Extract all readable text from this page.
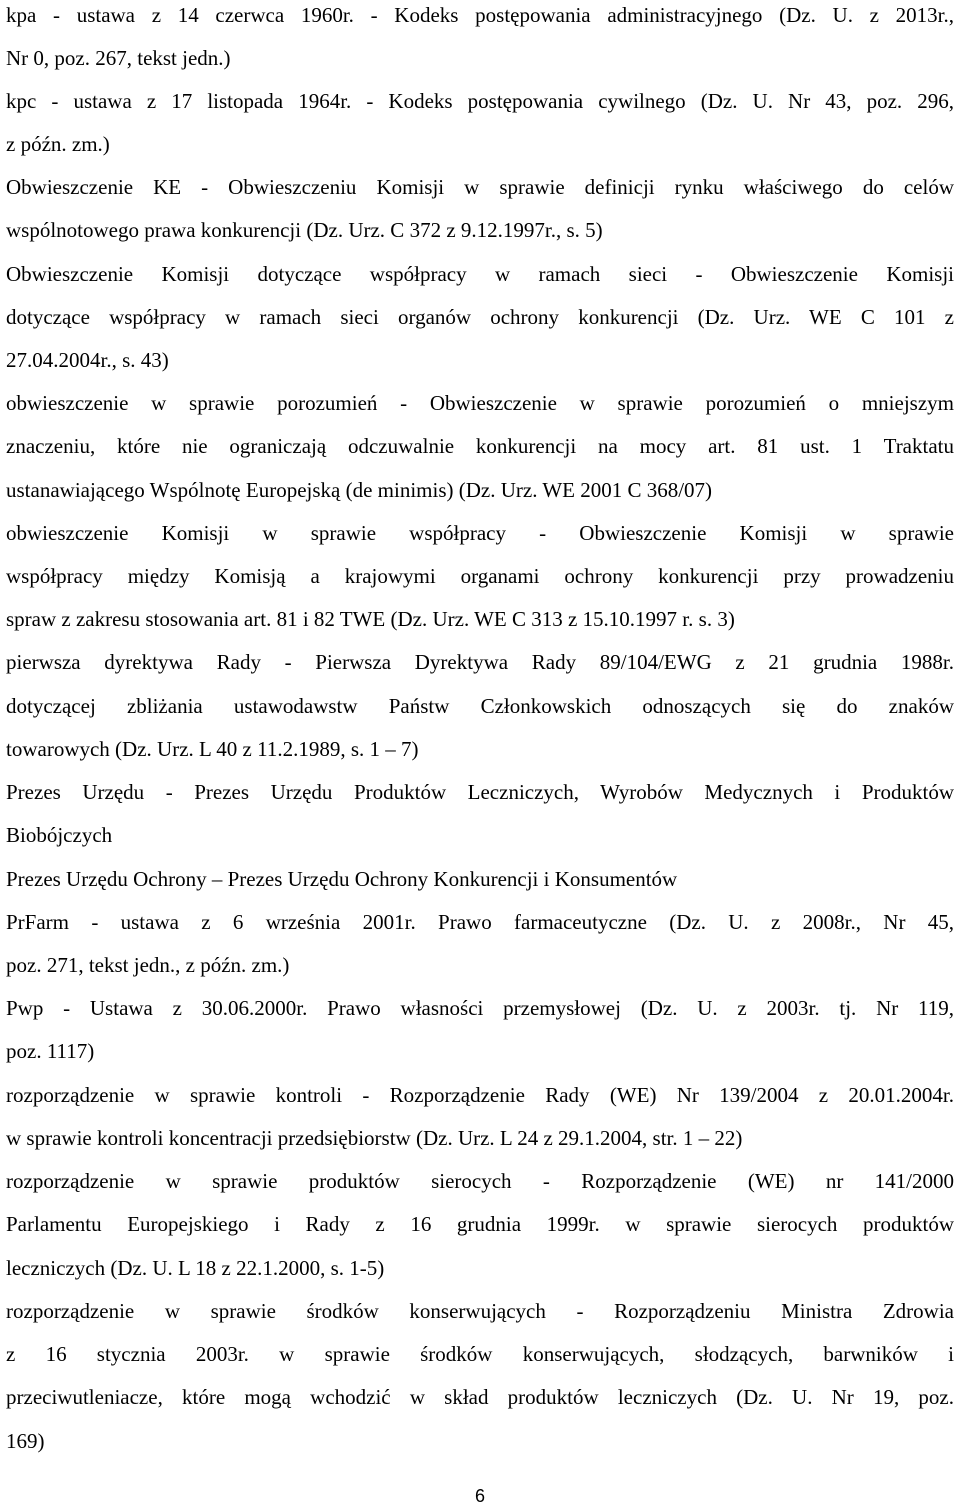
kpa - ustawa z 14 czerwca 1960r. - Kodeks postępowania administracyjnego (Dz. U. z 2013r.,
Nr 0, poz. 267, tekst jedn.)
kpc - ustawa z 17 listopada 1964r. - Kodeks postępowania cywilnego (Dz. U. Nr 43, poz. 296,
z późn. zm.)
Obwieszczenie KE - Obwieszczeniu Komisji w sprawie definicji rynku właściwego do celów
wspólnotowego prawa konkurencji (Dz. Urz. C 372 z 9.12.1997r., s. 5)
Obwieszczenie Komisji dotyczące współpracy w ramach sieci - Obwieszczenie Komisji
dotyczące współpracy w ramach sieci organów ochrony konkurencji (Dz. Urz. WE C 101 z
27.04.2004r., s. 43)
obwieszczenie w sprawie porozumień - Obwieszczenie w sprawie porozumień o mniejszym
znaczeniu, które nie ograniczają odczuwalnie konkurencji na mocy art. 81 ust. 1 Traktatu
ustanawiającego Wspólnotę Europejską (de minimis) (Dz. Urz. WE 2001 C 368/07)
obwieszczenie Komisji w sprawie współpracy - Obwieszczenie Komisji w sprawie
współpracy między Komisją a krajowymi organami ochrony konkurencji przy prowadzeniu
spraw z zakresu stosowania art. 81 i 82 TWE (Dz. Urz. WE C 313 z 15.10.1997 r. s. 3)
pierwsza dyrektywa Rady - Pierwsza Dyrektywa Rady 89/104/EWG z 21 grudnia 1988r.
dotyczącej zbliżania ustawodawstw Państw Członkowskich odnoszących się do znaków
towarowych (Dz. Urz. L 40 z 11.2.1989, s. 1 – 7)
Prezes Urzędu - Prezes Urzędu Produktów Leczniczych, Wyrobów Medycznych i Produktów
Biobójczych
Prezes Urzędu Ochrony – Prezes Urzędu Ochrony Konkurencji i Konsumentów
PrFarm - ustawa z 6 września 2001r. Prawo farmaceutyczne (Dz. U. z 2008r., Nr 45,
poz. 271, tekst jedn., z późn. zm.)
Pwp - Ustawa z 30.06.2000r. Prawo własności przemysłowej (Dz. U. z 2003r. tj. Nr 119,
poz. 1117)
rozporządzenie w sprawie kontroli - Rozporządzenie Rady (WE) Nr 139/2004 z 20.01.2004r.
w sprawie kontroli koncentracji przedsiębiorstw (Dz. Urz. L 24 z 29.1.2004, str. 1 – 22)
rozporządzenie w sprawie produktów sierocych - Rozporządzenie (WE) nr 141/2000
Parlamentu Europejskiego i Rady z 16 grudnia 1999r. w sprawie sierocych produktów
leczniczych (Dz. U. L 18 z 22.1.2000, s. 1-5)
rozporządzenie w sprawie środków konserwujących - Rozporządzeniu Ministra Zdrowia
z 16 stycznia 2003r. w sprawie środków konserwujących, słodzących, barwników i
przeciwutleniacze, które mogą wchodzić w skład produktów leczniczych (Dz. U. Nr 19, poz.
169)
6
